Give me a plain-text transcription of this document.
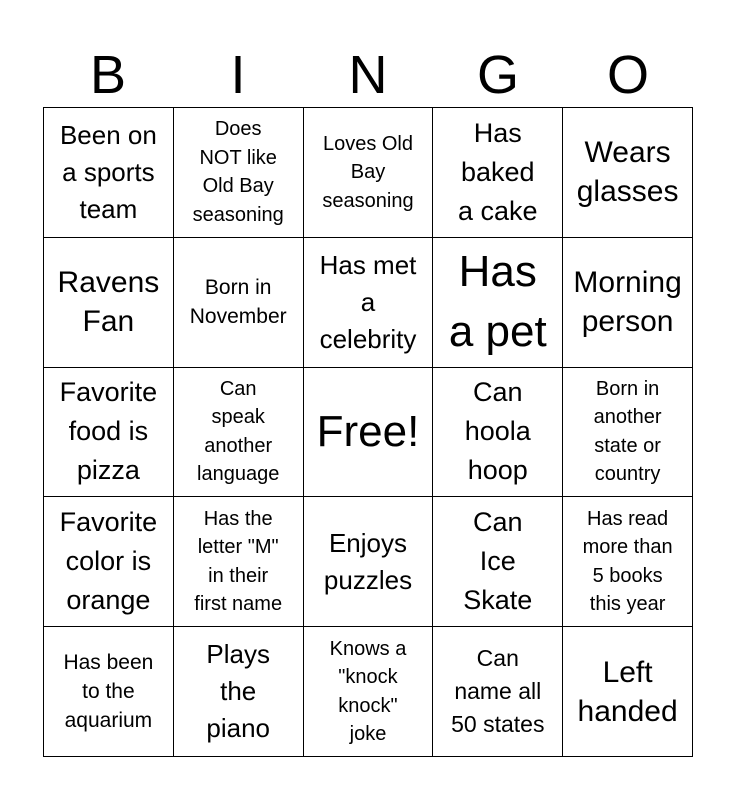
B	I	N	G	O
Been on
a sports
team
Does
NOT like
Old Bay
seasoning
Loves Old
Bay
seasoning
Has
baked
a cake
Wears
glasses
Ravens
Fan
Born in
November
Has met
a
celebrity
Has
a pet
Morning
person
Favorite
food is
pizza
Can
speak
another
language
Free!
Can
hoola
hoop
Born in
another
state or
country
Favorite
color is
orange
Has the
letter "M"
in their
first name
Enjoys
puzzles
Can
Ice
Skate
Has read
more than
5 books
this year
Has been
to the
aquarium
Plays
the
piano
Knows a
"knock
knock"
joke
Can
name all
50 states
Left
handed
